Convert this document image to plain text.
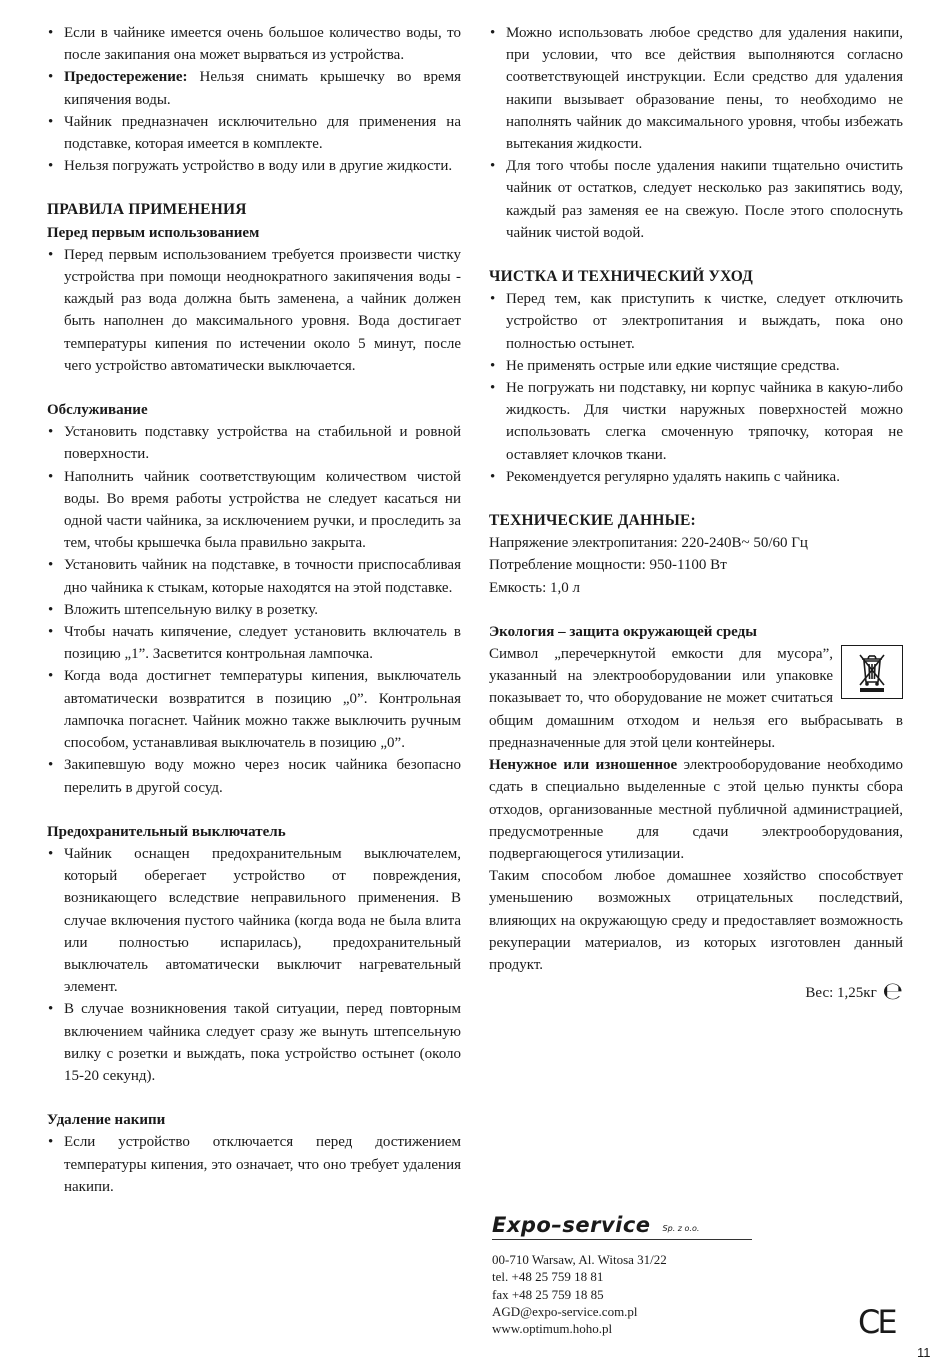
• Если в чайнике имеется очень большое количество воды, то после закипания она может вырваться из устройства.
• Предостережение: Нельзя снимать крышечку во время кипячения воды.
• Чайник предназначен исключительно для применения на подставке, которая имеется в комплекте.
• Нельзя погружать устройство в воду или в другие жидкости.
ПРАВИЛА ПРИМЕНЕНИЯ
Перед первым использованием
• Перед первым использованием требуется произвести чистку устройства при помощи неоднократного закипячения воды - каждый раз вода должна быть заменена, а чайник должен быть наполнен до максимального уровня. Вода достигает температуры кипения по истечении около 5 минут, после чего устройство автоматически выключается.
Обслуживание
• Установить подставку устройства на стабильной и ровной поверхности.
• Наполнить чайник соответствующим количеством чистой воды. Во время работы устройства не следует касаться ни одной части чайника, за исключением ручки, и проследить за тем, чтобы крышечка была правильно закрыта.
• Установить чайник на подставке, в точности приспосабливая дно чайника к стыкам, которые находятся на этой подставке.
• Вложить штепсельную вилку в розетку.
• Чтобы начать кипячение, следует установить включатель в позицию „1”. Засветится контрольная лампочка.
• Когда вода достигнет температуры кипения, выключатель автоматически возвратится в позицию „0”. Контрольная лампочка погаснет. Чайник можно также выключить ручным способом, устанавливая выключатель в позицию „0”.
• Закипевшую воду можно через носик чайника безопасно перелить в другой сосуд.
Предохранительный выключатель
• Чайник оснащен предохранительным выключателем, который обeрегает устройство от повреждения, возникающего вследствие неправильного применения. В случае включения пустого чайника (когда вода не была влита или полностью испарилась), предохранительный выключатель автоматически выключит нагревательный элемент.
• В случае возникновения такой ситуации, перед повторным включением чайника следует сразу же вынуть штепсельную вилку с розетки и выждать, пока устройство остынет (около 15-20 секунд).
Удаление накипи
• Если устройство отключается перед достижением температуры кипения, это означает, что оно требует удаления накипи.
• Можно использовать любое средство для удаления накипи, при условии, что все действия выполняются согласно соответствующей инструкции. Если средство для удаления накипи вызывает образование пены, то необходимо не наполнять чайник до максимального уровня, чтобы избежать вытекания жидкости.
• Для того чтобы после удаления накипи тщательно очистить чайник от остатков, следует несколько раз закипятись воду, каждый раз заменяя ее на свежую. После этого сполоснуть чайник чистой водой.
ЧИСТКА И ТЕХНИЧЕСКИЙ УХОД
• Перед тем, как приступить к чистке, следует отключить устройство от электропитания и выждать, пока оно полностью остынет.
• Не применять острые или едкие чистящие средства.
• Не погружать ни подставку, ни корпус чайника в какую-либо жидкость. Для чистки наружных поверхностей можно использовать слегка смоченную тряпочку, которая не оставляет клочков ткани.
• Рекомендуется регулярно удалять накипь с чайника.
ТЕХНИЧЕСКИЕ ДАННЫЕ:

Напряжение электропитания: 220-240В~ 50/60 Гц

Потребление мощности: 950-1100 Вт

Емкость: 1,0 л

Экология – защита окружающей среды

Символ „перечеркнутой емкости для мусора”, указанный на электрооборудовании или упаковке показывает то, что оборудование не может считаться общим домашним отходом и нельзя его выбрасывать в предназначенные для этой цели контейнеры.

Ненужное или изношенное электрооборудование необходимо сдать в специально выделенные с этой целью пункты сбора отходов, организованные местной публичной администрацией, предусмотренные для сдачи электрооборудования, подвергающегося утилизации.

Таким способом любое домашнее хозяйство способствует уменьшению возможных отрицательных последствий, влияющих на окружающую среду и предоставляет возможность рекуперации материалов, из которых изготовлен данный продукт.

Вес: 1,25кг ℮
Expo–service Sp. z o.o.
00-710 Warsaw, Al. Witosa 31/22
tel. +48 25 759 18 81
fax +48 25 759 18 85
AGD@expo-service.com.pl
www.optimum.hoho.pl	CE
11
